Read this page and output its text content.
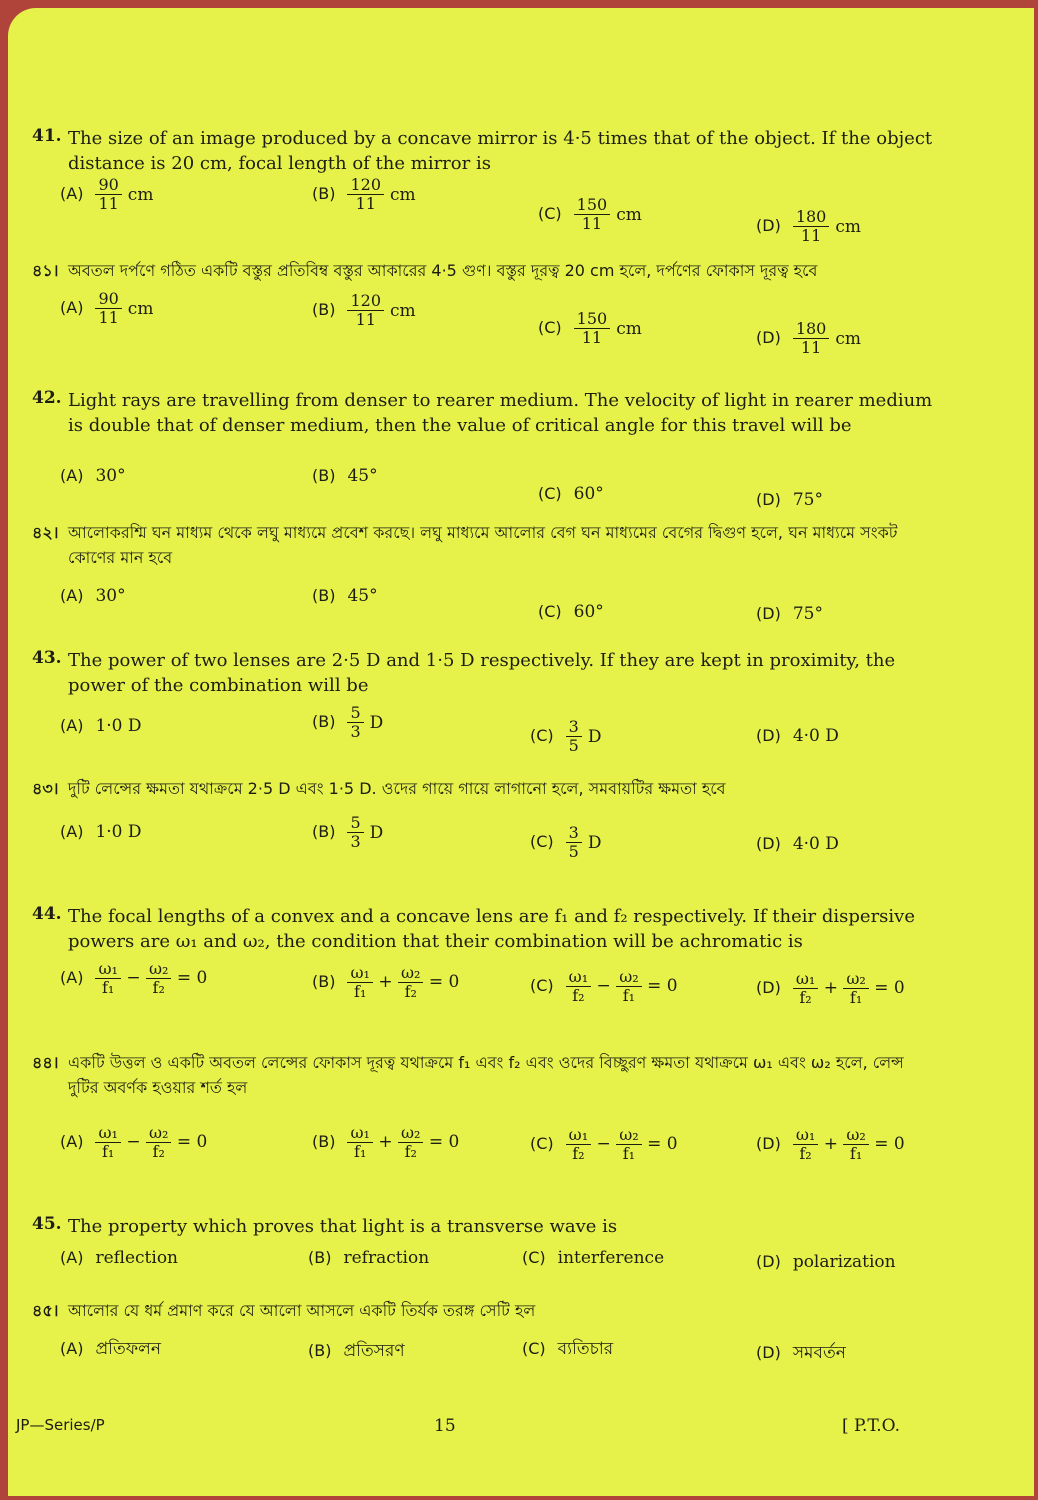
41. The size of an image produced by a concave mirror is 4·5 times that of the object. If the object distance is 20 cm, focal length of the mirror is
$(A) \frac{90}{11}$ cm	$(B) \frac{120}{11}$ cm
$(C) \frac{150}{11}$ cm
$(D) \frac{180}{11}$ cm
৪১। অবতল দর্পণে গঠিত একটি বস্তুর প্রতিবিম্ব বস্তুর আকারের 4·5 গুণ। বস্তুর দূরত্ব 20 cm হলে, দর্পণের ফোকাস দূরত্ব হবে
$(A) \frac{90}{11}$ cm	$(B) \frac{120}{11}$ cm
$(C) \frac{150}{11}$ cm	$(D) \frac{180}{11}$ cm
42. Light rays are travelling from denser to rearer medium. The velocity of light in rearer medium is double that of denser medium, then the value of critical angle for this travel will be
(A) 30°	(B) 45°
(C) 60°	(D) 75°
৪২। আলোকরশ্মি ঘন মাধ্যম থেকে লঘু মাধ্যমে প্রবেশ করছে। লঘু মাধ্যমে আলোর বেগ ঘন মাধ্যমের বেগের দ্বিগুণ হলে, ঘন মাধ্যমে সংকট কোণের মান হবে
(A) 30°	(B) 45°
(C) 60°	(D) 75°
43. The power of two lenses are 2·5 D and 1·5 D respectively. If they are kept in proximity, the power of the combination will be
(A) 1·0 D	$(B) \frac{5}{3}$ D
$(C) \frac{3}{5}$ D	(D) 4·0 D
৪৩। দুটি লেন্সের ক্ষমতা যথাক্রমে 2·5 D এবং 1·5 D. ওদের গায়ে গায়ে লাগানো হলে, সমবায়টির ক্ষমতা হবে
(A) 1·0 D	$(B) \frac{5}{3}$ D	$(C) \frac{3}{5}$ D	(D) 4·0 D
44. The focal lengths of a convex and a concave lens are f₁ and f₂ respectively. If their dispersive powers are ω₁ and ω₂, the condition that their combination will be achromatic is
$(A) \frac{\text{ω₁}}{\text{f₁}} - \frac{\text{ω₂}}{\text{f₂}} = 0$	$(B) \frac{\text{ω₁}}{\text{f₁}} + \frac{\text{ω₂}}{\text{f₂}} = 0$	$(C) \frac{\text{ω₁}}{\text{f₂}} - \frac{\text{ω₂}}{\text{f₁}} = 0$	$(D) \frac{\text{ω₁}}{\text{f₂}} + \frac{\text{ω₂}}{\text{f₁}} = 0$
৪৪। একটি উত্তল ও একটি অবতল লেন্সের ফোকাস দূরত্ব যথাক্রমে f₁ এবং f₂ এবং ওদের বিচ্ছুরণ ক্ষমতা যথাক্রমে ω₁ এবং ω₂ হলে, লেন্স দুটির অবর্ণক হওয়ার শর্ত হল
$(A) \frac{\text{ω₁}}{\text{f₁}} - \frac{\text{ω₂}}{\text{f₂}} = 0$	$(B) \frac{\text{ω₁}}{\text{f₁}} + \frac{\text{ω₂}}{\text{f₂}} = 0$	$(C) \frac{\text{ω₁}}{\text{f₂}} - \frac{\text{ω₂}}{\text{f₁}} = 0$	$(D) \frac{\text{ω₁}}{\text{f₂}} + \frac{\text{ω₂}}{\text{f₁}} = 0$
45. The property which proves that light is a transverse wave is
(A) reflection	(B) refraction	(C) interference	(D) polarization
৪৫। আলোর যে ধর্ম প্রমাণ করে যে আলো আসলে একটি তির্যক তরঙ্গ সেটি হল
(A) প্রতিফলন	(B) প্রতিসরণ	(C) ব্যতিচার	(D) সমবর্তন
JP—Series/P	15	[ P.T.O.
